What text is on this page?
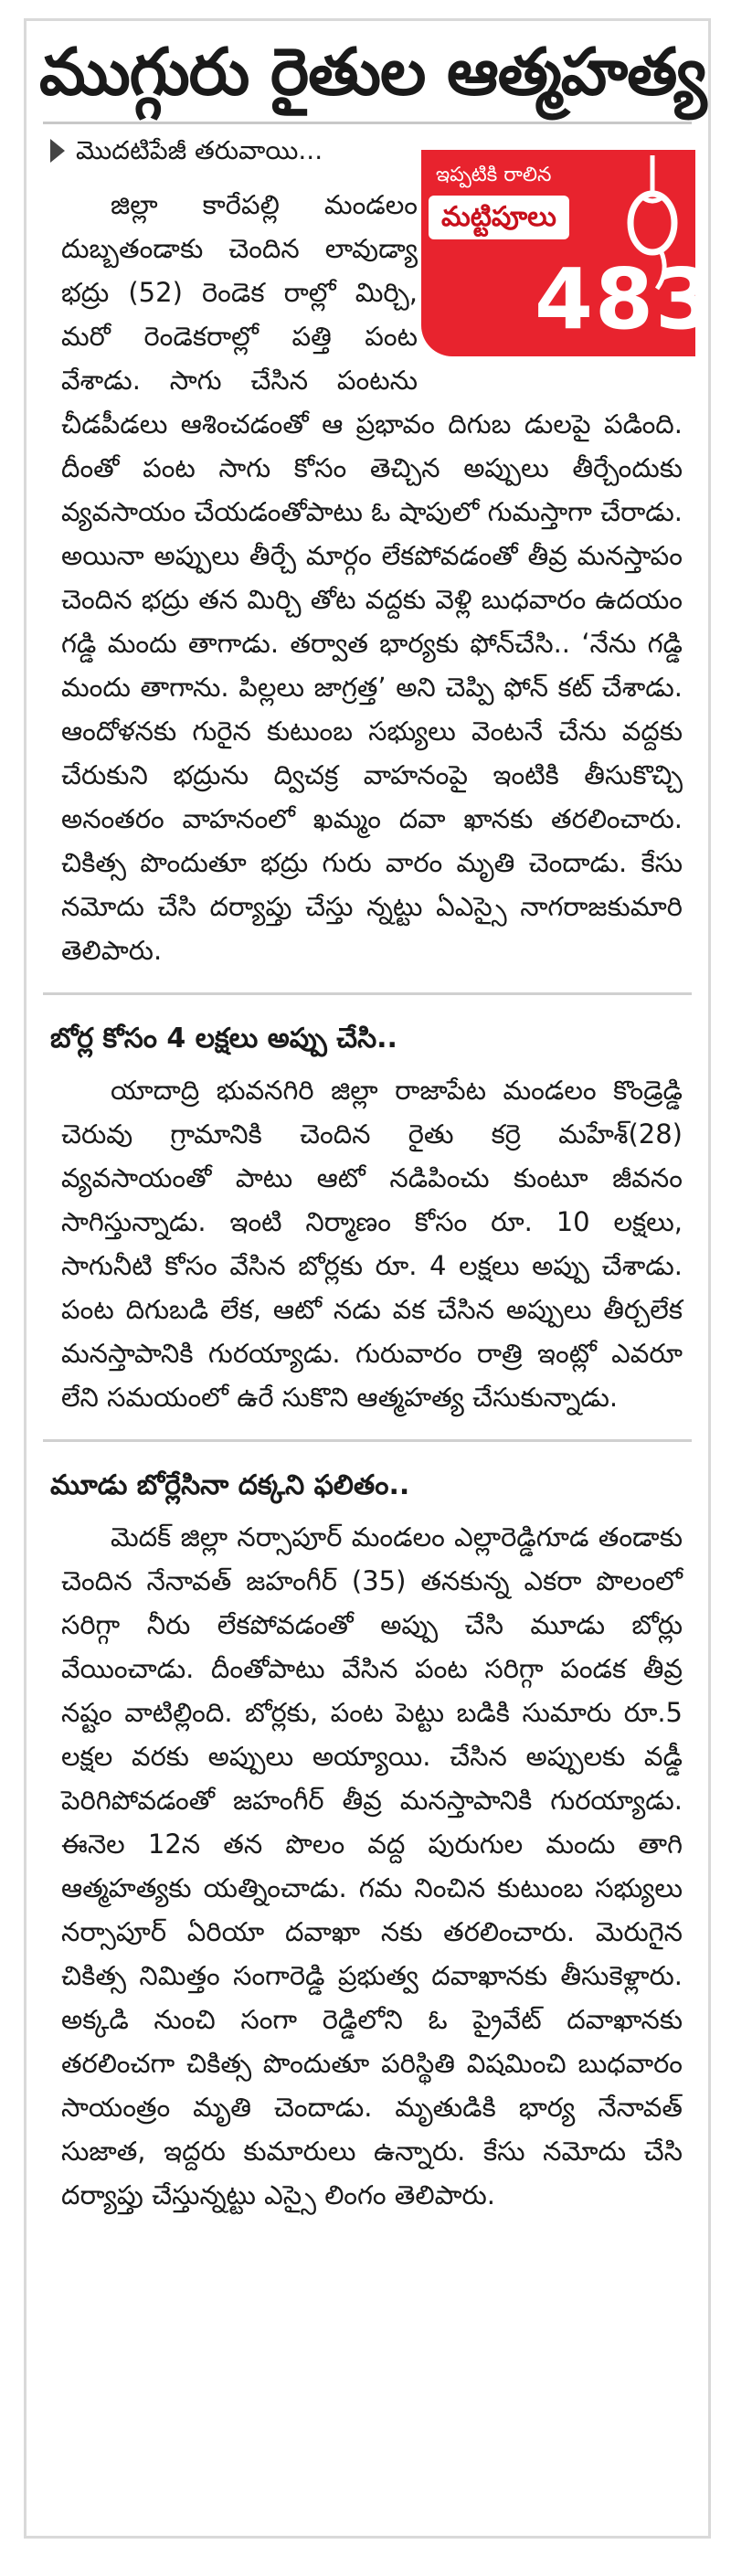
ముగ్గురు రైతుల ఆత్మహత్య
మొదటిపేజీ తరువాయి...
ఇప్పటికి రాలిన
మట్టిపూలు
483

జిల్లా కారేపల్లి మండలం దుబ్బతండాకు చెందిన లావుడ్యా భద్రు (52) రెండెక రాల్లో మిర్చి, మరో రెండెకరాల్లో పత్తి పంట వేశాడు. సాగు చేసిన పంటను చీడపీడలు ఆశించడంతో ఆ ప్రభావం దిగుబ డులపై పడింది. దీంతో పంట సాగు కోసం తెచ్చిన అప్పులు తీర్చేందుకు వ్యవసాయం చేయడంతోపాటు ఓ షాపులో గుమస్తాగా చేరాడు. అయినా అప్పులు తీర్చే మార్గం లేకపోవడంతో తీవ్ర మనస్తాపం చెందిన భద్రు తన మిర్చి తోట వద్దకు వెళ్లి బుధవారం ఉదయం గడ్డి మందు తాగాడు. తర్వాత భార్యకు ఫోన్‌చేసి.. ‘నేను గడ్డి మందు తాగాను. పిల్లలు జాగ్రత్త’ అని చెప్పి ఫోన్ కట్ చేశాడు. ఆందోళనకు గురైన కుటుంబ సభ్యులు వెంటనే చేను వద్దకు చేరుకుని భద్రును ద్విచక్ర వాహనంపై ఇంటికి తీసుకొచ్చి అనంతరం వాహనంలో ఖమ్మం దవా ఖానకు తరలించారు. చికిత్స పొందుతూ భద్రు గురు వారం మృతి చెందాడు. కేసు నమోదు చేసి దర్యాప్తు చేస్తు న్నట్టు ఏఎస్సై నాగరాజకుమారి తెలిపారు.

బోర్ల కోసం 4 లక్షలు అప్పు చేసి..

యాదాద్రి భువనగిరి జిల్లా రాజాపేట మండలం కొండ్రెడ్డి చెరువు గ్రామానికి చెందిన రైతు కర్రె మహేశ్(28) వ్యవసాయంతో పాటు ఆటో నడిపించు కుంటూ జీవనం సాగిస్తున్నాడు. ఇంటి నిర్మాణం కోసం రూ. 10 లక్షలు, సాగునీటి కోసం వేసిన బోర్లకు రూ. 4 లక్షలు అప్పు చేశాడు. పంట దిగుబడి లేక, ఆటో నడు వక చేసిన అప్పులు తీర్చలేక మనస్తాపానికి గురయ్యాడు. గురువారం రాత్రి ఇంట్లో ఎవరూ లేని సమయంలో ఉరే సుకొని ఆత్మహత్య చేసుకున్నాడు.

మూడు బోర్లేసినా దక్కని ఫలితం..

మెదక్ జిల్లా నర్సాపూర్ మండలం ఎల్లారెడ్డిగూడ తండాకు చెందిన నేనావత్ జహంగీర్ (35) తనకున్న ఎకరా పొలంలో సరిగ్గా నీరు లేకపోవడంతో అప్పు చేసి మూడు బోర్లు వేయించాడు. దీంతోపాటు వేసిన పంట సరిగ్గా పండక తీవ్ర నష్టం వాటిల్లింది. బోర్లకు, పంట పెట్టు బడికి సుమారు రూ.5 లక్షల వరకు అప్పులు అయ్యాయి. చేసిన అప్పులకు వడ్డీ పెరిగిపోవడంతో జహంగీర్ తీవ్ర మనస్తాపానికి గురయ్యాడు. ఈనెల 12న తన పొలం వద్ద పురుగుల మందు తాగి ఆత్మహత్యకు యత్నించాడు. గమ నించిన కుటుంబ సభ్యులు నర్సాపూర్ ఏరియా దవాఖా నకు తరలించారు. మెరుగైన చికిత్స నిమిత్తం సంగారెడ్డి ప్రభుత్వ దవాఖానకు తీసుకెళ్లారు. అక్కడి నుంచి సంగా రెడ్డిలోని ఓ ప్రైవేట్ దవాఖానకు తరలించగా చికిత్స పొందుతూ పరిస్థితి విషమించి బుధవారం సాయంత్రం మృతి చెందాడు. మృతుడికి భార్య నేనావత్ సుజాత, ఇద్దరు కుమారులు ఉన్నారు. కేసు నమోదు చేసి దర్యాప్తు చేస్తున్నట్టు ఎస్సై లింగం తెలిపారు.
